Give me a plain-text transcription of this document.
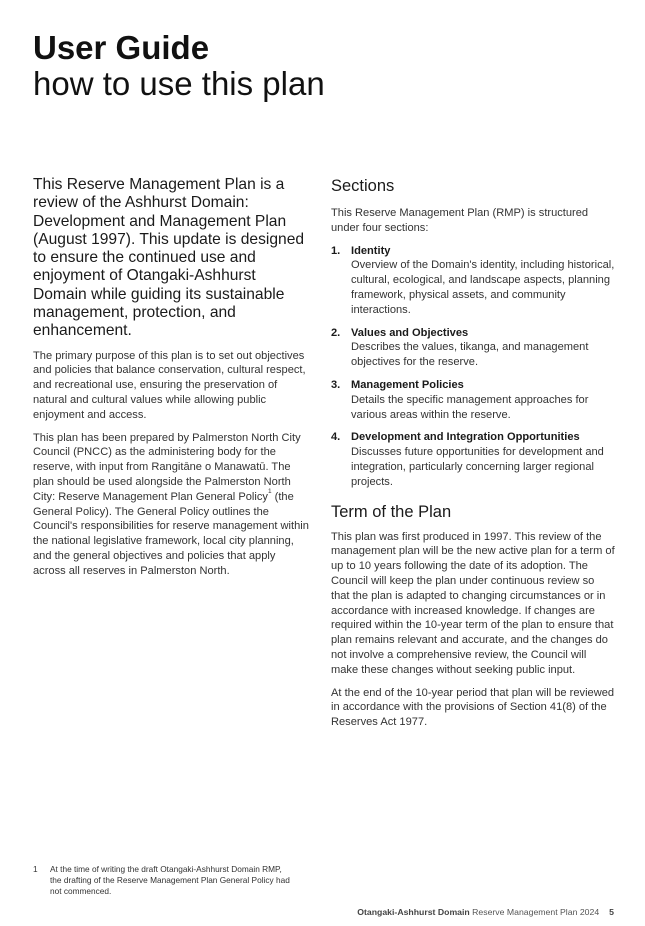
User Guide
how to use this plan

This Reserve Management Plan is a review of the Ashhurst Domain: Development and Management Plan (August 1997). This update is designed to ensure the continued use and enjoyment of Otangaki-Ashhurst Domain while guiding its sustainable management, protection, and enhancement.

The primary purpose of this plan is to set out objectives and policies that balance conservation, cultural respect, and recreational use, ensuring the preservation of natural and cultural values while allowing public enjoyment and access.

This plan has been prepared by Palmerston North City Council (PNCC) as the administering body for the reserve, with input from Rangitāne o Manawatū. The plan should be used alongside the Palmerston North City: Reserve Management Plan General Policy$^1$ (the General Policy). The General Policy outlines the Council's responsibilities for reserve management within the national legislative framework, local city planning, and the general objectives and policies that apply across all reserves in Palmerston North.

Sections

This Reserve Management Plan (RMP) is structured under four sections:

1. Identity
Overview of the Domain's identity, including historical, cultural, ecological, and landscape aspects, planning framework, physical assets, and community interactions.
2. Values and Objectives
Describes the values, tikanga, and management objectives for the reserve.
3. Management Policies
Details the specific management approaches for various areas within the reserve.
4. Development and Integration Opportunities
Discusses future opportunities for development and integration, particularly concerning larger regional projects.
Term of the Plan

This plan was first produced in 1997. This review of the management plan will be the new active plan for a term of up to 10 years following the date of its adoption. The Council will keep the plan under continuous review so that the plan is adapted to changing circumstances or in accordance with increased knowledge. If changes are required within the 10-year term of the plan to ensure that plan remains relevant and accurate, and the changes do not involve a comprehensive review, the Council will make these changes without seeking public input.

At the end of the 10-year period that plan will be reviewed in accordance with the provisions of Section 41(8) of the Reserves Act 1977.

1	At the time of writing the draft Otangaki-Ashhurst Domain RMP, the drafting of the Reserve Management Plan General Policy had not commenced.
Otangaki-Ashhurst Domain Reserve Management Plan 2024 5
